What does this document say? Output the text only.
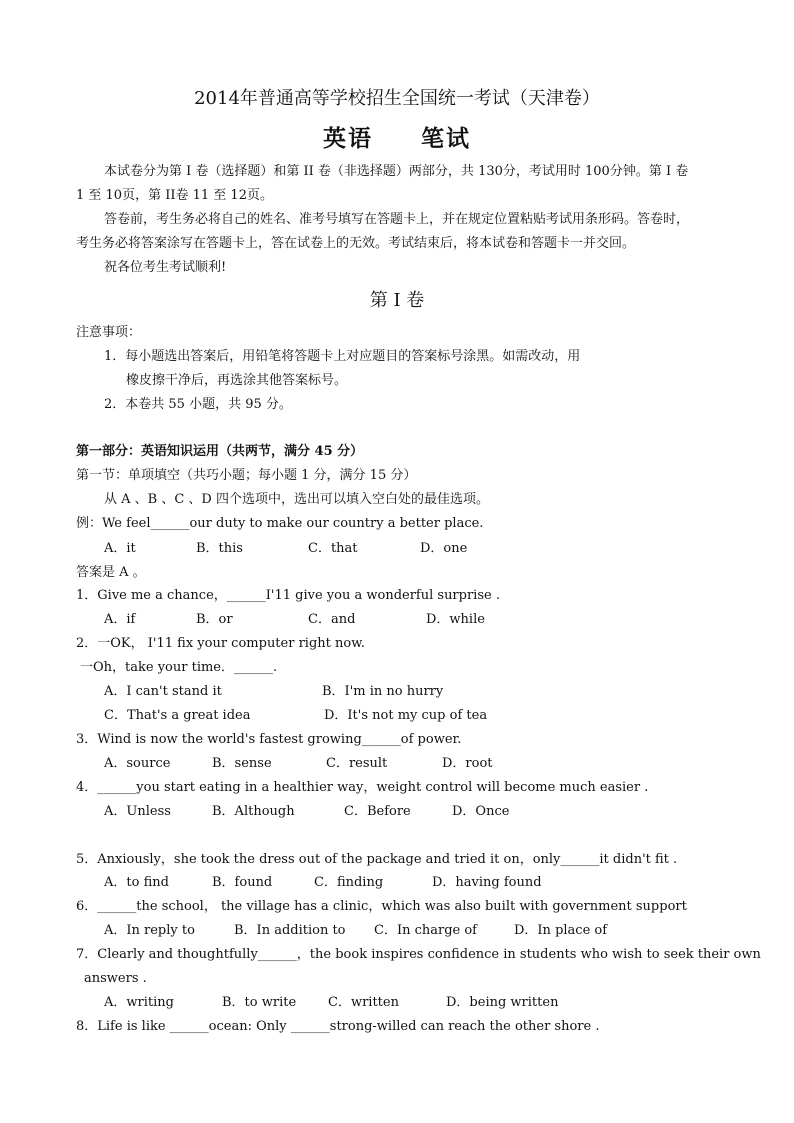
2014年普通高等学校招生全国统一考试（天津卷）
英语 笔试
本试卷分为第 I 卷（选择题）和第 II 卷（非选择题）两部分，共 130分，考试用时 100分钟。第 I 卷
1 至 10页，第 II卷 11 至 12页。
答卷前，考生务必将自己的姓名、准考号填写在答题卡上，并在规定位置粘贴考试用条形码。答卷时，
考生务必将答案涂写在答题卡上，答在试卷上的无效。考试结束后，将本试卷和答题卡一并交回。
祝各位考生考试顺利!
第 I 卷
注意事项：
1．每小题选出答案后，用铅笔将答题卡上对应题目的答案标号涂黑。如需改动，用
橡皮擦干净后，再选涂其他答案标号。
2．本卷共 55 小题，共 95 分。
第一部分：英语知识运用（共两节，满分 45 分）
第一节：单项填空（共巧小题；每小题 1 分，满分 15 分）
从 A 、B 、C 、D 四个选项中，选出可以填入空白处的最佳选项。
例：We feel______our duty to make our country a better place.
A．it	B．this	C．that	D．one
答案是 A 。
1．Give me a chance，______I'11 give you a wonderful surprise .
A．if	B．or	C．and	D．while
2．一OK， I'11 fix your computer right now.
一Oh，take your time．______.
A．I can't stand it	B．I'm in no hurry
C．That's a great idea	D．It's not my cup of tea
3．Wind is now the world's fastest growing______of power.
A．source	B．sense	C．result	D．root
4．______you start eating in a healthier way，weight control will become much easier .
A．Unless	B．Although	C．Before	D．Once
5．Anxiously，she took the dress out of the package and tried it on，only______it didn't fit .
A．to find	B．found	C．finding	D．having found
6．______the school， the village has a clinic，which was also built with government support
A．In reply to	B．In addition to C．In charge of	D．In place of
7．Clearly and thoughtfully______，the book inspires confidence in students who wish to seek their own
answers .
A．writing	B．to write C．written	D．being written
8．Life is like ______ocean: Only ______strong-willed can reach the other shore .
